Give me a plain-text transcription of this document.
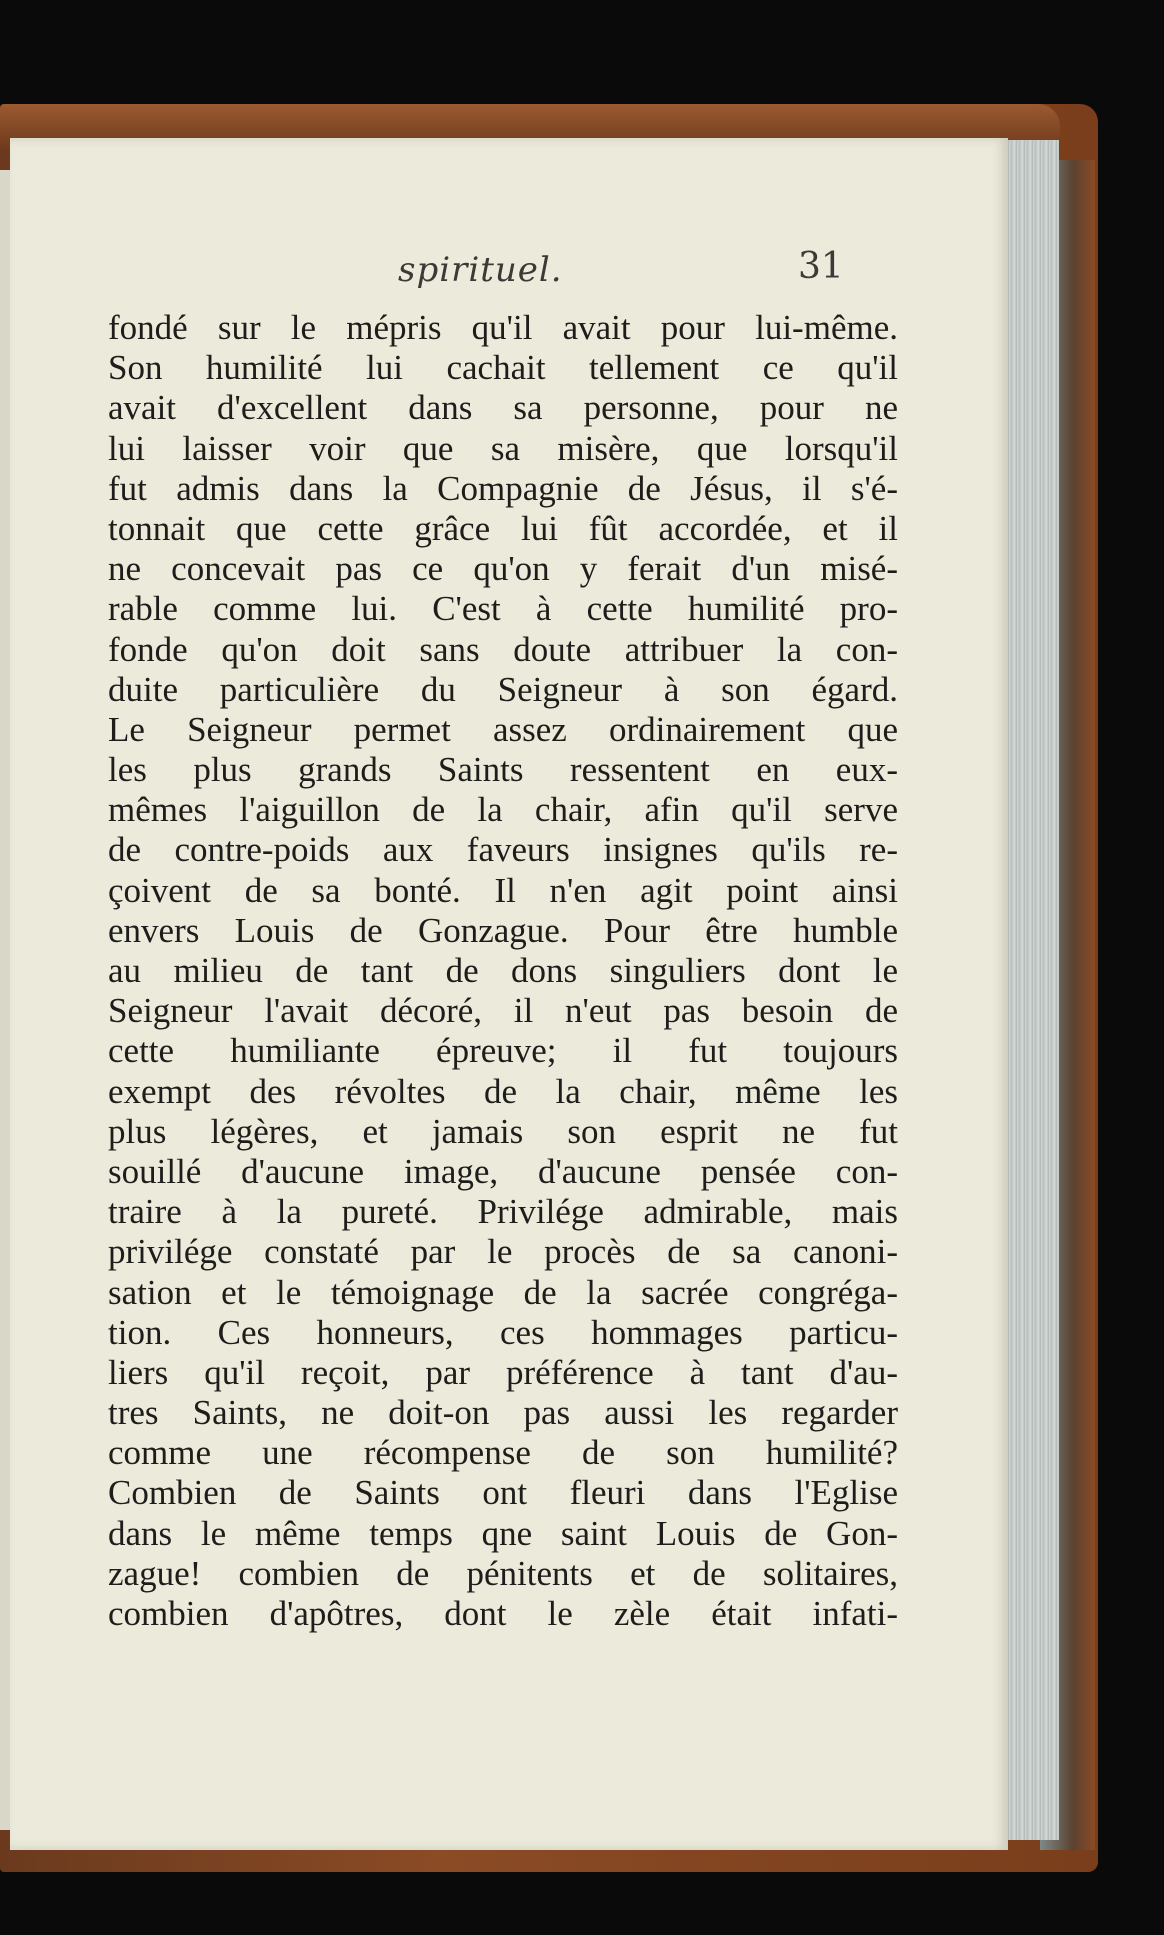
spirituel.	31
fondé sur le mépris qu'il avait pour lui-même.
Son humilité lui cachait tellement ce qu'il
avait d'excellent dans sa personne, pour ne
lui laisser voir que sa misère, que lorsqu'il
fut admis dans la Compagnie de Jésus, il s'é-
tonnait que cette grâce lui fût accordée, et il
ne concevait pas ce qu'on y ferait d'un misé-
rable comme lui. C'est à cette humilité pro-
fonde qu'on doit sans doute attribuer la con-
duite particulière du Seigneur à son égard.
Le Seigneur permet assez ordinairement que
les plus grands Saints ressentent en eux-
mêmes l'aiguillon de la chair, afin qu'il serve
de contre-poids aux faveurs insignes qu'ils re-
çoivent de sa bonté. Il n'en agit point ainsi
envers Louis de Gonzague. Pour être humble
au milieu de tant de dons singuliers dont le
Seigneur l'avait décoré, il n'eut pas besoin de
cette humiliante épreuve; il fut toujours
exempt des révoltes de la chair, même les
plus légères, et jamais son esprit ne fut
souillé d'aucune image, d'aucune pensée con-
traire à la pureté. Privilége admirable, mais
privilége constaté par le procès de sa canoni-
sation et le témoignage de la sacrée congréga-
tion. Ces honneurs, ces hommages particu-
liers qu'il reçoit, par préférence à tant d'au-
tres Saints, ne doit-on pas aussi les regarder
comme une récompense de son humilité?
Combien de Saints ont fleuri dans l'Eglise
dans le même temps qne saint Louis de Gon-
zague! combien de pénitents et de solitaires,
combien d'apôtres, dont le zèle était infati-
